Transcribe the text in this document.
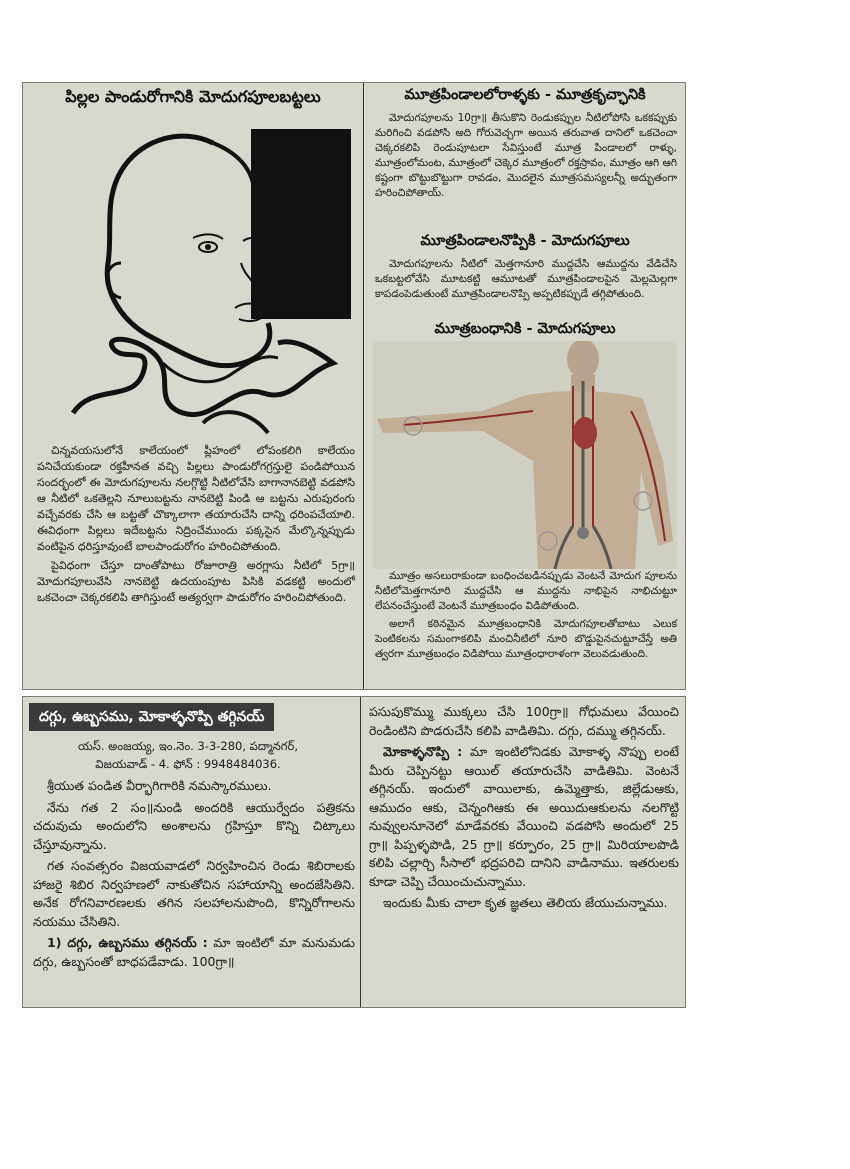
పిల్లల పాండురోగానికి మోదుగపూలబట్టలు

చిన్నవయసులోనే కాలేయంలో ప్లీహంలో లోపంకలిగి కాలేయం పనిచేయకుండా రక్తహీనత వచ్చి పిల్లలు పాండురోగగ్రస్తులై పండిపోయిన సందర్భంలో ఈ మోదుగపూలను నలగ్గొట్టి నీటిలోవేసి బాగానానబెట్టి వడపోసి ఆ నీటిలో ఒకతెల్లని నూలుబట్టను నానబెట్టి పిండి ఆ బట్టను ఎరుపురంగు వచ్చేవరకు చేసి ఆ బట్టతో చొక్కాలాగా తయారుచేసి దాన్ని ధరింపచేయాలి. ఈవిధంగా పిల్లలు ఇదేబట్టను నిద్రించేముందు పక్కసైన మేల్కొన్నప్పుడు వంటిపైన ధరిస్తూవుంటే బాలపాండురోగం హరించిపోతుంది.

పైవిధంగా చేస్తూ దాంతోపాటు రోజూరాత్రి అరగ్లాసు నీటిలో 5గ్రా॥ మోదుగపూలువేసి నానబెట్టి ఉదయంపూట పిసికి వడకట్టి అందులో ఒకచెంచా చెక్కరకలిపి తాగిస్తుంటే అత్యర్వగా పాడురోగం హరించిపోతుంది.

మూత్రపిండాలలోరాళ్ళకు - మూత్రకృచ్ఛానికి

మోదుగపూలను 10గ్రా॥ తీసుకొని రెండుకప్పుల నీటిలోపోసి ఒకకప్పుకు మరిగించి వడపోసి అది గోరువెచ్చగా అయిన తరువాత దానిలో ఒకచెంచా చెక్కరకలిపి రెండుపూటలా సేవిస్తుంటే మూత్ర పిండాలలో రాళ్ళు, మూత్రంలోమంట, మూత్రంలో చెక్కెర మూత్రంలో రక్తస్రావం, మూత్రం ఆగి ఆగి కష్టంగా బొట్టుబొట్టుగా రావడం, మొదలైన మూత్రసమస్యలన్నీ అద్భుతంగా హరించిపోతాయ్.

మూత్రపిండాలనొప్పికి - మోదుగపూలు

మోదుగపూలను నీటిలో మెత్తగానూరి ముద్దచేసి ఆముద్దను వేడిచేసి ఒకబట్టలోవేసి మూటకట్టి ఆమూటతో మూత్రపిండాలపైన మెల్లమెల్లగా కాపడంపెడుతుంటే మూత్రపిండాలనొప్పి అప్పటికప్పుడే తగ్గిపోతుంది.

మూత్రబంధానికి - మోదుగపూలు

మూత్రం అసలురాకుండా బంధించబడినప్పుడు వెంటనే మోదుగ పూలను నీటిలోమెత్తగానూరి ముద్దచేసి ఆ ముద్దను నాభిపైన నాభిచుట్టూ లేపనంచేస్తుంటే వెంటనే మూత్రబంధం విడిపోతుంది.

అలాగే కఠినమైన మూత్రబంధానికి మోదుగపూలతోబాటు ఎలుక పెంటికలను సమంగాకలిపి మంచినీటిలో నూరి బొడ్డుపైనచుట్టూచేస్తే అతి త్వరగా మూత్రబంధం విడిపోయి మూత్రంధారాళంగా వెలువడుతుంది.

దగ్గు, ఉబ్బసము, మోకాళ్ళనొప్పి తగ్గినయ్
యస్. అంజయ్య, ఇం.నెం. 3-3-280, పద్మానగర్,
విజయవాడ్ - 4. ఫోన్ : 9948484036.

శ్రీయుత పండిత వీర్భాగిగారికి నమస్కారములు.

నేను గత 2 సం॥నుండి అందరికి ఆయుర్వేదం పత్రికను చదువుచు అందులోని అంశాలను గ్రహిస్తూ కొన్ని చిట్కాలు చేస్తూవున్నాను.

గత సంవత్సరం విజయవాడలో నిర్వహించిన రెండు శిబిరాలకు హాజరై శిబిర నిర్వహణలో నాకుతోచిన సహాయాన్ని అందజేసితిని. అనేక రోగనివారణలకు తగిన సలహాలనుపొంది, కొన్నిరోగాలను నయము చేసితిని.

1) దగ్గు, ఉబ్బసము తగ్గినయ్ : మా ఇంటిలో మా మనుమడు దగ్గు, ఉబ్బసంతో బాధపడేవాడు. 100గ్రా॥

పసుపుకొమ్ము ముక్కలు చేసి 100గ్రా॥ గోధుమలు వేయించి రెండింటిని పొడరుచేసి కలిపి వాడితిమి. దగ్గు, దమ్ము తగ్గినయ్.

మోకాళ్ళనొప్పి : మా ఇంటిలోనిడకు మోకాళ్ళ నొప్పు లంటే మీరు చెప్పినట్టు ఆయిల్ తయారుచేసి వాడితిమి. వెంటనే తగ్గినయ్. ఇందులో వాయిలాకు, ఉమ్మెత్తాకు, జిల్లేడుఆకు, ఆముదం ఆకు, చెన్నంగిఆకు ఈ అయిదుఆకులను నలగొట్టి నువ్వులనూనెలో మాడేవరకు వేయించి వడపోసి అందులో 25 గ్రా॥ పిప్పళ్ళపొడి, 25 గ్రా॥ కర్పూరం, 25 గ్రా॥ మిరియాలపొడి కలిపి చల్లార్చి సీసాలో భద్రపరిచి దానిని వాడినాము. ఇతరులకు కూడా చెప్పి చేయించుచున్నాము.

ఇందుకు మీకు చాలా కృత జ్ఞతలు తెలియ జేయుచున్నాము.
